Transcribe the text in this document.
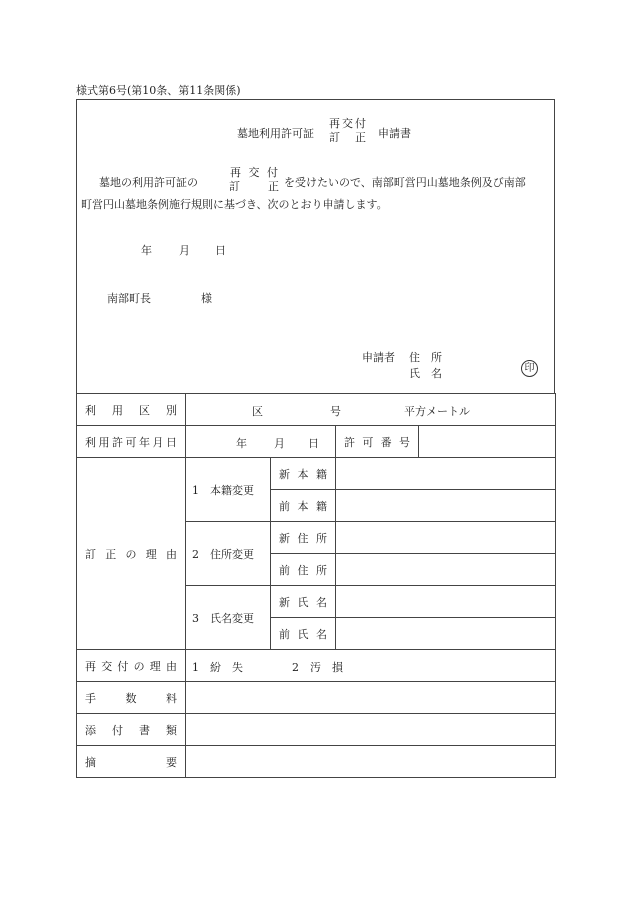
様式第6号(第10条、第11条関係)
墓地利用許可証
再交付
訂　正 申請書
墓地の利用許可証の
再 交 付
訂　　正 を受けたいので、南部町営円山墓地条例及び南部
町営円山墓地条例施行規則に基づき、次のとおり申請します。
年 月 日
南部町長	様
申請者 住　所
氏　名	印
利用区別	区 号 平方メートル			

利用許可年月日	年 月 日		許可番号	
訂正の理由	1　本籍変更	新本籍		
		前本籍		
	2　住所変更	新住所		
		前住所		
	3　氏名変更	新氏名		
		前氏名		
再交付の理由	1　紛　失 2　汚　損			

手数料				
添付書類				
摘要				
